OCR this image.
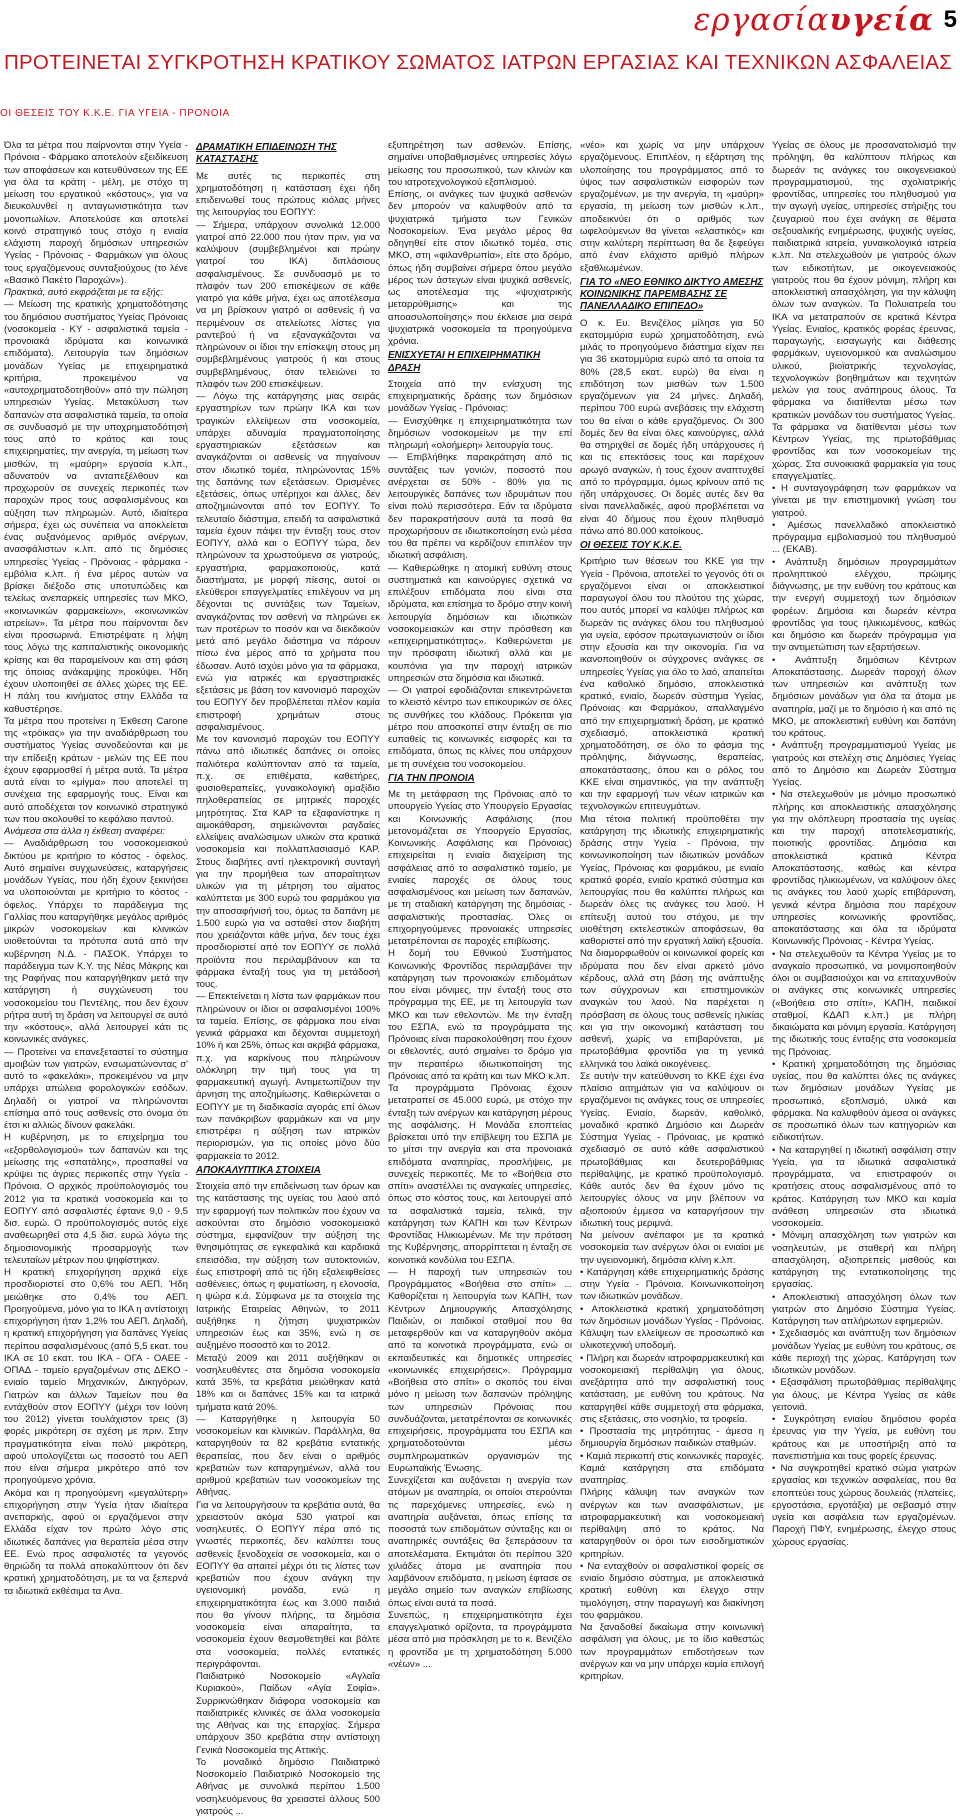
εργασίαυγεία 5
ΠΡΟΤΕΙΝΕΤΑΙ ΣΥΓΚΡΟΤΗΣΗ ΚΡΑΤΙΚΟΥ ΣΩΜΑΤΟΣ ΙΑΤΡΩΝ ΕΡΓΑΣΙΑΣ ΚΑΙ ΤΕΧΝΙΚΩΝ ΑΣΦΑΛΕΙΑΣ
ΟΙ ΘΕΣΕΙΣ ΤΟΥ Κ.Κ.Ε. ΓΙΑ ΥΓΕΙΑ - ΠΡΟΝΟΙΑ

Όλα τα μέτρα που παίρνονται στην Υγεία - Πρόνοια - Φάρμακο αποτελούν εξειδίκευση των αποφάσεων και κατευθύνσεων της ΕΕ για όλα τα κράτη - μέλη, με στόχο τη μείωση του εργατικού «κόστους», για να διευκολυνθεί η ανταγωνιστικότητα των μονοπωλίων. Αποτελούσε και αποτελεί κοινό στρατηγικό τους στόχο η ενιαία ελάχιστη παροχή δημόσιων υπηρεσιών Υγείας - Πρόνοιας - Φαρμάκων για όλους τους εργαζόμενους συνταξιούχους (το λένε «Βασικό Πακέτο Παροχών»).

Πρακτικά, αυτό εκφράζεται με τα εξής:

— Μείωση της κρατικής χρηματοδότησης του δημόσιου συστήματος Υγείας Πρόνοιας (νοσοκομεία - ΚΥ - ασφαλιστικά ταμεία - προνοιακά ιδρύματα και κοινωνικά επιδόματα). Λειτουργία των δημόσιων μονάδων Υγείας με επιχειρηματικά κριτήρια, προκειμένου να «αυτοχρηματοδοτηθούν» από την πώληση υπηρεσιών Υγείας. Μετακύλυση των δαπανών στα ασφαλιστικά ταμεία, τα οποία σε συνδυασμό με την υποχρηματοδότησή τους από το κράτος και τους επιχειρηματίες, την ανεργία, τη μείωση των μισθών, τη «μαύρη» εργασία κ.λπ., αδυνατούν να ανταπεξέλθουν και προχωρούν σε συνεχείς περικοπές των παροχών προς τους ασφαλισμένους και αύξηση των πληρωμών. Αυτό, ιδιαίτερα σήμερα, έχει ως συνέπεια να αποκλείεται ένας αυξανόμενος αριθμός ανέργων, ανασφάλιστων κ.λπ. από τις δημόσιες υπηρεσίες Υγείας - Πρόνοιας - φάρμακα - εμβόλια κ.λπ. ή ένα μέρος αυτών να βρίσκει διέξοδο στις υποτυπώδεις και τελείως ανεπαρκείς υπηρεσίες των ΜΚΟ, «κοινωνικών φαρμακείων», «κοινωνικών ιατρείων». Τα μέτρα που παίρνονται δεν είναι προσωρινά. Επιστρέψατε η λήψη τους λόγω της καπιταλιστικής οικονομικής κρίσης και θα παραμείνουν και στη φάση της όποιας ανάκαμψης προκύψει. Ήδη έχουν υλοποιηθεί σε άλλες χώρες της ΕΕ. Η πάλη του κινήματος στην Ελλάδα τα καθυστέρησε.

Τα μέτρα που προτείνει η Έκθεση Carone της «τρόικας» για την αναδιάρθρωση του συστήματος Υγείας συνοδεύονται και με την επίδειξη κράτων - μελών της ΕΕ που έχουν εφαρμοσθεί ή μέτρα αυτά. Τα μέτρα αυτά είναι το «μίγμα» που αποτελεί τη συνέχεια της εφαρμογής τους. Είναι και αυτό αποδέχεται τον κοινωνικό στρατηγικό των που ακολουθεί το κεφάλαιο παντού.

Ανάμεσα στα άλλα η έκθεση αναφέρει:

— Αναδιάρθρωση του νοσοκομειακού δικτύου με κριτήριο το κόστος - όφελος. Αυτό σημαίνει συγχωνεύσεις, καταργήσεις μονάδων Υγείας, που ήδη έχουν ξεκινήσει να υλοποιούνται με κριτήριο το κόστος - όφελος. Υπάρχει το παράδειγμα της Γαλλίας που καταργήθηκε μεγάλος αριθμός μικρών νοσοκομείων και κλινικών υιοθετούνται τα πρότυπα αυτά από την κυβέρνηση Ν.Δ. - ΠΑΣΟΚ. Υπάρχει το παράδειγμα των Κ.Υ. της Νέας Μάκρης και της Ραφήνας που καταργήθηκαν μετά την κατάργηση ή συγχώνευση του νοσοκομείου του Πεντέλης, που δεν έχουν ρήτρα αυτή τη δράση να λειτουργεί σε αυτό την «κόστους», αλλά λειτουργεί κάτι τις κοινωνικές ανάγκες.

— Προτείνει να επανεξεταστεί το σύστημα αμοιβών των γιατρών, ενσωματώνοντας σ' αυτό το «φακελάκι», προκειμένου να μην υπάρχει απώλεια φορολογικών εσόδων. Δηλαδή οι γιατροί να πληρώνονται επίσημα από τους ασθενείς στο όνομα ότι έτσι κι αλλιώς δίνουν φακελάκι.

Η κυβέρνηση, με το επιχείρημα του «εξορθολογισμού» των δαπανών και της μείωσης της «σπατάλης», προσπαθεί να κρύψει τις άγριες περικοπές στην Υγεία - Πρόνοια. Ο αρχικός προϋπολογισμός του 2012 για τα κρατικά νοσοκομεία και το ΕΟΠΥΥ από ασφαλιστές έφτανε 9,0 - 9,5 δισ. ευρώ. Ο προϋπολογισμός αυτός είχε αναθεωρηθεί στα 4,5 δισ. ευρώ λόγω της δημοσιονομικής προσαρμογής των τελευταίων μέτρων που ψηφίστηκαν.

Η κρατική επιχορήγηση αρχικά είχε προσδιοριστεί στο 0,6% του ΑΕΠ. Ήδη μειώθηκε στο 0,4% του ΑΕΠ. Προηγούμενα, μόνο για το ΙΚΑ η αντίστοιχη επιχορήγηση ήταν 1,2% του ΑΕΠ. Δηλαδή, η κρατική επιχορήγηση για δαπάνες Υγείας περίπου ασφαλισμένους (από 5,5 εκατ. του ΙΚΑ σε 10 εκατ. του ΙΚΑ - ΟΓΑ - ΟΑΕΕ - ΟΠΑΔ - ταμείο εργαζομένων στις ΔΕΚΟ - ενιαίο ταμείο Μηχανικών, Δικηγόρων, Γιατρών και άλλων Ταμείων που θα εντάχθούν στον ΕΟΠΥΥ (μέχρι τον Ιούνη του 2012) γίνεται τουλάχιστον τρεις (3) φορές μικρότερη σε σχέση με πριν. Στην πραγματικότητα είναι πολύ μικρότερη, αφού υπολογίζεται ως ποσοστό του ΑΕΠ που είναι σήμερα μικρότερο από τον προηγούμενο χρόνια.

Ακόμα και η προηγούμενη «μεγαλύτερη» επιχορήγηση στην Υγεία ήταν ιδιαίτερα ανεπαρκής, αφού οι εργαζόμενοι στην Ελλάδα είχαν τον πρώτο λόγο στις ιδιωτικές δαπάνες για θεραπεία μέσα στην ΕΕ. Ενώ προς ασφαλιστές τα γεγονός θηριώδη τα πολλά αποκαλύπτουν ότι δεν κρατική χρηματοδότηση, με τα να ξεπερνά τα ιδιωτικά εκθέσιμα τα Ανα.

ΔΡΑΜΑΤΙΚΗ ΕΠΙΔΕΙΝΩΣΗ ΤΗΣ ΚΑΤΑΣΤΑΣΗΣ

Με αυτές τις περικοπές στη χρηματοδότηση η κατάσταση έχει ήδη επιδεινωθεί τους πρώτους κιόλας μήνες της λειτουργίας του ΕΟΠΥΥ:

— Σήμερα, υπάρχουν συνολικά 12.000 γιατροί από 22.000 που ήταν πριν, για να καλύψουν (συμβεβλημένοι και πρώην γιατροί του ΙΚΑ) διπλάσιους ασφαλισμένους. Σε συνδυασμό με το πλαφόν των 200 επισκέψεων σε κάθε γιατρό για κάθε μήνα, έχει ως αποτέλεσμα να μη βρίσκουν γιατρό οι ασθενείς ή να περιμένουν σε ατελείωτες λίστες για ραντεβού ή να εξαναγκάζονται να πληρώνουν οι ίδιοι την επίσκεψη στους μη συμβεβλημένους γιατρούς ή και στους συμβεβλημένους, όταν τελειώνει το πλαφόν των 200 επισκέψεων.

— Λόγω της κατάργησης μιας σειράς εργαστηρίων των πρώην ΙΚΑ και των τραγικών ελλείψεων στα νοσοκομεία, υπάρχει αδυναμία πραγματοποίησης εργαστηριακών εξετάσεων και αναγκάζονται οι ασθενείς να πηγαίνουν στον ιδιωτικό τομέα, πληρώνοντας 15% της δαπάνης των εξετάσεων. Ορισμένες εξετάσεις, όπως υπέρηχοι και άλλες, δεν αποζημιώνονται από τον ΕΟΠΥΥ. Το τελευταίο διάστημα, επειδή τα ασφαλιστικά ταμεία έχουν πάψει την ένταξη τους στον ΕΟΠΥΥ, αλλά και ο ΕΟΠΥΥ τώρα, δεν πληρώνουν τα χρωστούμενα σε γιατρούς, εργαστήρια, φαρμακοποιούς, κατά διαστήματα, με μορφή πίεσης, αυτοί οι ελεύθεροι επαγγελματίες επιλέγουν να μη δέχονται τις συντάξεις των Ταμείων, αναγκάζοντας τον ασθενή να πληρώνει εκ των προτέρων το ποσόν και να διεκδικούν μετά από μεγάλο διάστημα να πάρουν πίσω ένα μέρος από τα χρήματα που έδωσαν. Αυτό ισχύει μόνο για τα φάρμακα, ενώ για ιατρικές και εργαστηριακές εξετάσεις με βάση τον κανονισμό παροχών του ΕΟΠΥΥ δεν προβλέπεται πλέον καμία επιστροφή χρημάτων στους ασφαλισμένους.

Με τον κανονισμό παροχών του ΕΟΠΥΥ πάνω από ιδιωτικές δαπάνες οι οποίες παλιότερα καλύπτονταν από τα ταμεία, π.χ. σε επιθέματα, καθετήρες, φυσιοθεραπείες, γυναικολογική αμαξίδιο πηλοθεραπείας σε μητρικές παροχές μητρότητας. Στα ΚΑΡ τα εξαφανίστηκε η αιμοκάθαρση, σημειώνονται ραγδαίες ελλείψεις αναλώσιμων υλικών στα κρατικά νοσοκομεία και πολλαπλασιασμό ΚΑΡ. Στους διαβήτες αντί ηλεκτρονική συνταγή για την προμήθεια των απαραίτητων υλικών για τη μέτρηση του αίματος καλύπτεται με 300 ευρώ του φαρμάκου για την αποσαφήνισή του, όμως τα δαπάνη με 1.500 ευρώ για να ασταθεί στον διαβήτη που χρειάζονται κάθε μήνα, δεν τους έχει προσδιοριστεί από τον ΕΟΠΥΥ σε πολλά προϊόντα που περιλαμβάνουν και τα φάρμακα ένταξή τους για τη μετάδοσή τους.

— Επεκτείνεται η λίστα των φαρμάκων που πληρώνουν οι ίδιοι οι ασφαλισμένοι 100% τα ταμεία. Επίσης, σε φάρμακα που είναι γενικά φάρμακα και δέχονται συμμετοχή 10% ή και 25%, όπως και ακριβά φάρμακα, π.χ. για καρκίνους που πληρώνουν ολόκληρη την τιμή τους για τη φαρμακευτική αγωγή. Αντιμετωπίζουν την άρνηση της αποζημίωσης. Καθιερώνεται ο ΕΟΠΥΥ με τη διαδικασία αγοράς επί όλων των πανάκριβων φαρμάκων και να μην επιστρέφει η αύξηση των ιατρικών περιορισμών, για τις οποίες μόνο δύο φαρμακεία το 2012.

ΑΠΟΚΑΛΥΠΤΙΚΑ ΣΤΟΙΧΕΙΑ

Στοιχεία από την επιδείνωση των όρων και της κατάστασης της υγείας του λαού από την εφαρμογή των πολιτικών που έχουν να ασκούνται στο δημόσιο νοσοκομειακό σύστημα, εμφανίζουν την αύξηση της θνησιμότητας σε εγκεφαλικά και καρδιακά επεισόδια, την αύξηση των αυτοκτονιών, έως επιστροφή από τις ήδη εξαλειφθείσες ασθένειες, όπως η φυματίωση, η ελονοσία, η ψώρα κ.ά. Σύμφωνα με τα στοιχεία της Ιατρικής Εταιρείας Αθηνών, το 2011 αυξήθηκε η ζήτηση ψυχιατρικών υπηρεσιών έως και 35%, ενώ η σε αυξημένο ποσοστό και το 2012.

Μεταξύ 2009 και 2011 αυξήθηκαν οι νοσηλευθέντες στα δημόσια νοσοκομεία κατά 35%, τα κρεβάτια μειώθηκαν κατά 18% και οι δαπάνες 15% και τα ιατρικά τμήματα κατά 20%.

— Καταργήθηκε η λειτουργία 50 νοσοκομείων και κλινικών. Παράλληλα, θα καταργηθούν τα 82 κρεβάτια εντατικής θεραπείας, που δεν είναι ο αριθμός κρεβατιών των καταργημένων, αλλά του αριθμού κρεβατιών των νοσοκομείων της Αθήνας.

Για να λειτουργήσουν τα κρεβάτια αυτά, θα χρειαστούν ακόμα 530 γιατροί και νοσηλευτές. Ο ΕΟΠΥΥ πέρα από τις γνωστές περικοπές, δεν καλύπτει τους ασθενείς ξενοδοχεία σε νοσοκομεία, και ο ΕΟΠΥΥ θα απαιτεί μέχρι ότι τις λίστες των κρεβατιών που έχουν ανάγκη την υγειονομική μονάδα, ενώ η επιχειρηματικότητα έως και 3.000 παιδιά που θα γίνουν πλήρης, τα δημόσια νοσοκομεία είναι απαραίτητα, τα νοσοκομεία έχουν θεσμοθετηθεί και βάλτε στα νοσοκομεία, πολλές εντατικές περιγράφονται.

Παιδιατρικό Νοσοκομείο «Αγλαΐα Κυριακού», Παίδων «Αγία Σοφία». Συρρικνώθηκαν διάφορα νοσοκομεία και παιδιατρικές κλινικές σε άλλα νοσοκομεία της Αθήνας και της επαρχίας. Σήμερα υπάρχουν 350 κρεβάτια στην αντίστοιχη Γενικά Νοσοκομεία της Αττικής.

Το μοναδικό δημόσιο Παιδιατρικό Νοσοκομείο Παιδιατρικό Νοσοκομείο της Αθήνας με συνολικά περίπου 1.500 νοσηλευόμενους θα χρειαστεί άλλους 500 γιατρούς ...

εξυπηρέτηση των ασθενών. Επίσης, σημαίνει υποβαθμισμένες υπηρεσίες λόγω μείωσης του προσωπικού, των κλινών και του ιατροτεχνολογικού εξοπλισμού.

Επίσης, οι ανάγκες των ψυχικά ασθενών δεν μπορούν να καλυφθούν από τα ψυχιατρικά τμήματα των Γενικών Νοσοκομείων. Ένα μεγάλο μέρος θα οδηγηθεί είτε στον ιδιωτικό τομέα, στις ΜΚΟ, στη «φιλανθρωπία», είτε στο δρόμο, όπως ήδη συμβαίνει σήμερα όπου μεγάλο μέρος των άστεγων είναι ψυχικά ασθενείς, ως αποτέλεσμα της «ψυχιατρικής μεταρρύθμισης» και της αποασυλοποίησης» που έκλεισε μια σειρά ψυχιατρικά νοσοκομεία τα προηγούμενα χρόνια.

ΕΝΙΣΧΥΕΤΑΙ Η ΕΠΙΧΕΙΡΗΜΑΤΙΚΗ ΔΡΑΣΗ

Στοιχεία από την ενίσχυση της επιχειρηματικής δράσης των δημόσιων μονάδων Υγείας - Πρόνοιας:

— Ενισχύθηκε η επιχειρηματικότητα των δημόσιων νοσοκομείων με την επί πληρωμή «ολοήμερη» λειτουργία τους.

— Επιβλήθηκε παρακράτηση από τις συντάξεις των γονιών, ποσοστό που ανέρχεται σε 50% - 80% για τις λειτουργικές δαπάνες των ιδρυμάτων που είναι πολύ περισσότερα. Εάν τα ιδρύματα δεν παρακρατήσουν αυτά τα ποσά θα προχωρήσουν σε ιδιωτικοποίηση ενώ μέσα του θα πρέπει να κερδίζουν επιπλέον την ιδιωτική ασφάλιση.

— Καθιερώθηκε η ατομική ευθύνη στους συστηματικά και καινούργιες σχετικά να επιλέξουν επιδόματα που είναι στα ιδρύματα, και επίσημα το δρόμο στην κοινή λειτουργία δημόσιων και ιδιωτικών νοσοκομειακών και στην πρόσθεση και «επιχειρηματικότητας». Καθιερώνεται με την πρόσφατη ιδιωτική αλλά και με κουπόνια για την παροχή ιατρικών υπηρεσιών στα δημόσια και ιδιωτικά.

— Οι γιατροί εφοδιάζονται επικεντρώνεται το κλειστό κέντρο των επικουρικών σε όλες τις συνθήκες του κλάδους. Πρόκειται για μέτρο που αποσκοπεί στην ένταξη σε πιο ευπαθείς τις κοινωνικές εισφορές και τα επιδόματα, όπως τις κλίνες που υπάρχουν με τη συνέχεια του νοσοκομείου.

ΓΙΑ ΤΗΝ ΠΡΟΝΟΙΑ

Με τη μετάφραση της Πρόνοιας από το υπουργείο Υγείας στο Υπουργείο Εργασίας και Κοινωνικής Ασφάλισης (που μετονομάζεται σε Υπουργείο Εργασίας, Κοινωνικής Ασφάλισης και Πρόνοιας) επιχειρείται η ενιαία διαχείριση της ασφάλειας από το ασφαλιστικό ταμείο, με ενιαίες παροχές σε όλους τους ασφαλισμένους και μείωση των δαπανών, με τη σταδιακή κατάργηση της δημόσιας - ασφαλιστικής προστασίας. Όλες οι επιχορηγούμενες προνοιακές υπηρεσίες μετατρέπονται σε παροχές επιβίωσης.

Η δομή του Εθνικού Συστήματος Κοινωνικής Φροντίδας περιλαμβάνει την κατάργηση των προνοιακών επιδομάτων που είναι μόνιμες, την ένταξή τους στο πρόγραμμα της ΕΕ, με τη λειτουργία των ΜΚΟ και των εθελοντών. Με την ένταξη του ΕΣΠΑ, ενώ τα προγράμματα της Πρόνοιας είναι παρακολούθηση που έχουν οι εθελοντές, αυτό σημαίνει το δρόμο για την περαιτέρω ιδιωτικοποίηση της Πρόνοιας από τα κράτη και των ΜΚΟ κ.λπ.

Τα προγράμματα Πρόνοιας έχουν μετατραπεί σε 45.000 ευρώ, με στόχο την ένταξη των ανέργων και κατάργηση μέρους της ασφάλισης. Η Μονάδα εποπτείας βρίσκεται υπό την επίβλεψη του ΕΣΠΑ με το μίτσι την ανεργία και στα προνοιακά επιδόματα αναπηρίας, προσλήψεις, με συνεχείς περικοπές. Με το «Βοήθεια στο σπίτι» αναστέλλει τις αναγκαίες υπηρεσίες, όπως στο κόστος τους, και λειτουργεί από τα ασφαλιστικά ταμεία, τελικά, την κατάργηση των ΚΑΠΗ και των Κέντρων Φροντίδας Ηλικιωμένων. Με την πρόταση της Κυβέρνησης, απορρίπτεται η ένταξη σε κοινοτικά κονδύλια του ΕΣΠΑ.

— Η παροχή των υπηρεσιών του Προγράμματος «Βοήθεια στο σπίτι» ... Καθορίζεται η λειτουργία των ΚΑΠΗ, των Κέντρων Δημιουργικής Απασχόλησης Παιδιών, οι παιδικοί σταθμοί που θα μεταφερθούν και να καταργηθούν ακόμα από τα κοινοτικά προγράμματα, ενώ οι εκπαιδευτικές και δημοτικές υπηρεσίες «κοινωνικές επιχειρήσεις». Πρόγραμμα «Βοήθεια στο σπίτι» ο σκοπός του είναι μόνο η μείωση των δαπανών πρόληψης των υπηρεσιών Πρόνοιας που συνδυάζονται, μετατρέπονται σε κοινωνικές επιχειρήσεις, προγράμματα του ΕΣΠΑ και χρηματοδοτούνται μέσω συμπληρωματικών οργανισμών της Ευρωπαϊκής Ένωσης.

Συνεχίζεται και αυξάνεται η ανεργία των ατόμων με αναπηρία, οι οποίοι στερούνται τις παρεχόμενες υπηρεσίες, ενώ η αναπηρία αυξάνεται, όπως επίσης τα ποσοστά των επιδομάτων σύνταξης και οι αναπηρικές συντάξεις θα ξεπεράσουν τα αποτελέσματα. Εκτιμάται ότι περίπου 320 χιλιάδες άτομα με αναπηρία που λαμβάνουν επιδόματα, η μείωση έφτασε σε μεγάλο σημείο των αναγκών επιβίωσης όπως είναι αυτά τα ποσά.

Συνεπώς, η επιχειρηματικότητα έχει επαγγελματικό ορίζοντα, τα προγράμματα μέσα από μια πρόσκληση με το κ. Βενιζέλο η φροντίδα με τη χρηματοδότηση 5.000 «νέων» ...

«νέο» και χωρίς να μην υπάρχουν εργαζόμενους. Επιπλέον, η εξάρτηση της υλοποίησης του προγράμματος από το ύψος των ασφαλιστικών εισφορών των εργαζομένων, με την ανεργία, τη «μαύρη» εργασία, τη μείωση των μισθών κ.λπ., αποδεικνύει ότι ο αριθμός των ωφελούμενων θα γίνεται «ελαστικός» και στην καλύτερη περίπτωση θα δε ξεφεύγει από έναν ελάχιστο αριθμό πλήρων εξαθλιωμένων.

ΓΙΑ ΤΟ «ΝΕΟ ΕΘΝΙΚΟ ΔΙΚΤΥΟ ΑΜΕΣΗΣ ΚΟΙΝΩΝΙΚΗΣ ΠΑΡΕΜΒΑΣΗΣ ΣΕ ΠΑΝΕΛΛΑΔΙΚΟ ΕΠΙΠΕΔΟ»

Ο κ. Ευ. Βενιζέλος μίλησε για 50 εκατομμύρια ευρώ χρηματοδότηση, ενώ μιλάς το προηγούμενο διάστημα είχαν πει για 36 εκατομμύρια ευρώ από τα οποία τα 80% (28,5 εκατ. ευρώ) θα είναι η επιδότηση των μισθών των 1.500 εργαζόμενων για 24 μήνες. Δηλαδή, περίπου 700 ευρώ ανεβάσεις την ελάχιστη του θα είναι ο κάθε εργαζόμενος. Οι 300 δομές δεν θα είναι όλες καινούργιες, αλλά θα στηριχθεί σε δομές ήδη υπάρχουσες ή και τις επεκτάσεις τους και παρέχουν αρωγό αναγκών, ή τους έχουν αναπτυχθεί από το πρόγραμμα, όμως κρίνουν από τις ήδη υπάρχουσες. Οι δομές αυτές δεν θα είναι πανελλαδικές, αφού προβλέπεται να είναι 40 δήμους που έχουν πληθυσμό πάνω από 80.000 κατοίκους.

ΟΙ ΘΕΣΕΙΣ ΤΟΥ Κ.Κ.Ε.

Κριτήριο των θέσεων του ΚΚΕ για την Υγεία - Πρόνοια, αποτελεί το γεγονός ότι οι εργαζόμενοι είναι οι αποκλειστικοί παραγωγοί όλου του πλούτου της χώρας, που αυτός μπορεί να καλύψει πλήρως και δωρεάν τις ανάγκες όλου του πληθυσμού για υγεία, εφόσον πρωταγωνιστούν οι ίδιοι στην εξουσία και την οικονομία. Για να ικανοποιηθούν οι σύγχρονες ανάγκες σε υπηρεσίες Υγείας για όλο το λαό, απαιτείται ένα καθολικό δημόσιο, αποκλειστικά κρατικό, ενιαίο, δωρεάν σύστημα Υγείας, Πρόνοιας και Φαρμάκου, απαλλαγμένο από την επιχειρηματική δράση, με κρατικό σχεδιασμό, αποκλειστικά κρατική χρηματοδότηση, σε όλο το φάσμα της πρόληψης, διάγνωσης, θεραπείας, αποκατάστασης, όπου και ο ρόλος του ΚΚΕ είναι σημαντικός, για την ανάπτυξη και την εφαρμογή των νέων ιατρικών και τεχνολογικών επιτευγμάτων.

Μια τέτοια πολιτική προϋποθέτει την κατάργηση της ιδιωτικής επιχειρηματικής δράσης στην Υγεία - Πρόνοια, την κοινωνικοποίηση των ιδιωτικών μονάδων Υγείας, Πρόνοιας και φαρμάκου, με ενιαίο κρατικό φορέα, ενιαίο κρατικό σύστημα και λειτουργίας που θα καλύπτει πλήρως και δωρεάν όλες τις ανάγκες του λαού. Η επίτευξη αυτού του στόχου, με την υιοθέτηση εκτελεστικών αποφάσεων, θα καθοριστεί από την εργατική λαϊκή εξουσία.

Να διαμορφωθούν οι κοινωνικοί φορείς και ιδρύματα που δεν είναι αρκετό μόνο κέρδους, αλλά στη βάση της ανάπτυξης των σύγχρονων και επιστημονικών αναγκών του λαού. Να παρέχεται η πρόσβαση σε όλους τους ασθενείς ηλικίας και για την οικονομική κατάσταση του ασθενή, χωρίς να επιβαρύνεται, με πρωτοβάθμια φροντίδα για τη γενικά ελληνικά του λαϊκά οικογένειες.

Σε αυτήν την κατεύθυνση το ΚΚΕ έχει ένα πλαίσιο αιτημάτων για να καλύψουν οι εργαζόμενοι τις ανάγκες τους σε υπηρεσίες Υγείας. Ενιαίο, δωρεάν, καθολικό, μοναδικό κρατικό Δημόσιο και Δωρεάν Σύστημα Υγείας - Πρόνοιας, με κρατικό σχεδιασμό σε αυτό κάθε ασφαλιστικού πρωτοβάθμιας και δευτεροβάθμιας περίθαλψης, με κρατικό προϋπολογισμό. Κάθε αυτός δεν θα έχουν μόνο τις λειτουργίες όλους να μην βλέπουν να αξιοποιούν έμμεσα να καταργήσουν την ιδιωτική τους μεριμνά.

Να μείνουν ανέπαφοι με τα κρατικά νοσοκομεία των ανέργων όλοι οι ενιαίοι με την υγειονομική, δημόσια κλίνη κ.λπ.

• Κατάργηση κάθε επιχειρηματικής δράσης στην Υγεία - Πρόνοια. Κοινωνικοποίηση των ιδιωτικών μονάδων.

• Αποκλειστικά κρατική χρηματοδότηση των δημόσιων μονάδων Υγείας - Πρόνοιας. Κάλυψη των ελλείψεων σε προσωπικό και υλικοτεχνική υποδομή.

• Πλήρη και δωρεάν ιατροφαρμακευτική και νοσοκομειακή περίθαλψη για όλους, ανεξάρτητα από την ασφαλιστική τους κατάσταση, με ευθύνη του κράτους. Να καταργηθεί κάθε συμμετοχή στα φάρμακα, στις εξετάσεις, στο νοσηλίο, τα τροφεία.

• Προστασία της μητρότητας - άμεσα η δημιουργία δημόσιων παιδικών σταθμών.

• Καμιά περικοπή στις κοινωνικές παροχές. Καμιά κατάργηση στα επιδόματα αναπηρίας.

Πλήρης κάλυψη των αναγκών των ανέργων και των ανασφάλιστων, με ιατροφαρμακευτική και νοσοκομειακή περίθαλψη από το κράτος. Να καταργηθούν οι όροι των εισοδηματικών κριτηρίων.

• Να ενταχθούν οι ασφαλιστικοί φορείς σε ενιαίο δημόσιο σύστημα, με αποκλειστικά κρατική ευθύνη και έλεγχο στην τιμολόγηση, στην παραγωγή και διακίνηση του φαρμάκου.

Να ξαναδοθεί δικαίωμα στην κοινωνική ασφάλιση για όλους, με το ίδιο καθεστώς των προγραμμάτων επιδοτήσεων των ανέργων και να μην υπάρχει καμία επιλογή κριτηρίων.

Υγείας σε όλους με προσανατολισμό την πρόληψη, θα καλύπτουν πλήρως και δωρεάν τις ανάγκες του οικογενειακού προγραμματισμού, της σχολιατρικής φροντίδας, υπηρεσίες του πληθυσμού για την αγωγή υγείας, υπηρεσίες στήριξης του ζευγαριού που έχει ανάγκη σε θέματα σεξουαλικής ενημέρωσης, ψυχικής υγείας, παιδιατρικά ιατρεία, γυναικολογικά ιατρεία κ.λπ. Να στελεχωθούν με γιατρούς όλων των ειδικοτήτων, με οικογενειακούς γιατρούς που θα έχουν μόνιμη, πλήρη και αποκλειστική απασχόληση, για την κάλυψη όλων των αναγκών. Τα Πολυιατρεία του ΙΚΑ να μετατραπούν σε κρατικά Κέντρα Υγείας. Ενιαίος, κρατικός φορέας έρευνας, παραγωγής, εισαγωγής και διάθεσης φαρμάκων, υγειονομικού και αναλώσιμου υλικού, βιοϊατρικής τεχνολογίας, τεχνολογικών βοηθημάτων και τεχνητών μελών για τους ανάπηρους όλους. Τα φάρμακα να διατίθενται μέσω των κρατικών μονάδων του συστήματος Υγείας.

Τα φάρμακα να διατίθενται μέσω των Κέντρων Υγείας, της πρωτοβάθμιας φροντίδας και των νοσοκομείων της χώρας. Στα συνοικιακά φαρμακεία για τους επαγγελματίες.

• Η συνταγογράφηση των φαρμάκων να γίνεται με την επιστημονική γνώση του γιατρού.

• Αμέσως πανελλαδικό αποκλειστικό πρόγραμμα εμβολιασμού του πληθυσμού ... (ΕΚΑΒ).

• Ανάπτυξη δημόσιων προγραμμάτων προληπτικού ελέγχου, πρώιμης διάγνωσης, με την ευθύνη του κράτους και την ενεργή συμμετοχή των δημόσιων φορέων. Δημόσια και δωρεάν κέντρα φροντίδας για τους ηλικιωμένους, καθώς και δημόσιο και δωρεάν πρόγραμμα για την αντιμετώπιση των εξαρτήσεων.

• Ανάπτυξη δημόσιων Κέντρων Αποκατάστασης. Δωρεάν παροχή όλων των υπηρεσιών και ανάπτυξη των δημόσιων μονάδων για όλα τα άτομα με αναπηρία, μαζί με το δημόσιο ή και από τις ΜΚΟ, με αποκλειστική ευθύνη και δαπάνη του κράτους.

• Ανάπτυξη προγραμματισμού Υγείας με γιατρούς και στελέχη στις Δημόσιες Υγείας από το Δημόσιο και Δωρεάν Σύστημα Υγείας.

• Να στελεχωθούν με μόνιμο προσωπικό πλήρης και αποκλειστικής απασχόλησης για την ολόπλευρη προστασία της υγείας και την παροχή αποτελεσματικής, ποιοτικής φροντίδας. Δημόσια και αποκλειστικά κρατικά Κέντρα Αποκατάστασης, καθώς και κέντρα φροντίδας ηλικιωμένων, να καλύψουν όλες τις ανάγκες του λαού χωρίς επιβάρυνση, γενικά κέντρα δημόσια που παρέχουν υπηρεσίες κοινωνικής φροντίδας, αποκατάστασης και όλα τα ιδρύματα Κοινωνικής Πρόνοιας - Κέντρα Υγείας.

• Να στελεχωθούν τα Κέντρα Υγείας με το αναγκαίο προσωπικό, να μονιμοποιηθούν όλοι οι συμβασιούχοι και να επιταχυνθούν οι ανάγκες στις κοινωνικές υπηρεσίες («Βοήθεια στο σπίτι», ΚΑΠΗ, παιδικοί σταθμοί, ΚΔΑΠ κ.λπ.) με πλήρη δικαιώματα και μόνιμη εργασία. Κατάργηση της ιδιωτικής τους ένταξης στα νοσοκομεία της Πρόνοιας.

• Κρατική χρηματοδότηση της δημόσιας υγείας, που θα καλύπτει όλες τις ανάγκες των δημόσιων μονάδων Υγείας με προσωπικό, εξοπλισμό, υλικά και φάρμακα. Να καλυφθούν άμεσα οι ανάγκες σε προσωπικό όλων των κατηγοριών και ειδικοτήτων.

• Να καταργηθεί η ιδιωτική ασφάλιση στην Υγεία, για τα ιδιωτικά ασφαλιστικά προγράμματα, να επιστραφούν οι κρατήσεις στους ασφαλισμένους από το κράτος. Κατάργηση των ΜΚΟ και καμία ανάθεση υπηρεσιών στα ιδιωτικά νοσοκομεία.

• Μόνιμη απασχόληση των γιατρών και νοσηλευτών, με σταθερή και πλήρη απασχόληση, αξιοπρεπείς μισθούς και κατάργηση της εντατικοποίησης της εργασίας.

• Αποκλειστική απασχόληση όλων των γιατρών στο Δημόσιο Σύστημα Υγείας. Κατάργηση των απλήρωτων εφημεριών.

• Σχεδιασμός και ανάπτυξη των δημόσιων μονάδων Υγείας με ευθύνη του κράτους, σε κάθε περιοχή της χώρας. Κατάργηση των ιδιωτικών μονάδων.

• Εξασφάλιση πρωτοβάθμιας περίθαλψης για όλους, με Κέντρα Υγείας σε κάθε γειτονιά.

• Συγκρότηση ενιαίου δημόσιου φορέα έρευνας για την Υγεία, με ευθύνη του κράτους και με υποστήριξη από τα πανεπιστήμια και τους φορείς έρευνας.

• Να συγκροτηθεί κρατικό σώμα γιατρών εργασίας και τεχνικών ασφαλείας, που θα εποπτεύει τους χώρους δουλειάς (πλατείες, εργοστάσια, εργοτάξια) με σεβασμό στην υγεία και ασφάλεια των εργαζομένων. Παροχή ΠΦΥ, ενημέρωσης, έλεγχο στους χώρους εργασίας.
